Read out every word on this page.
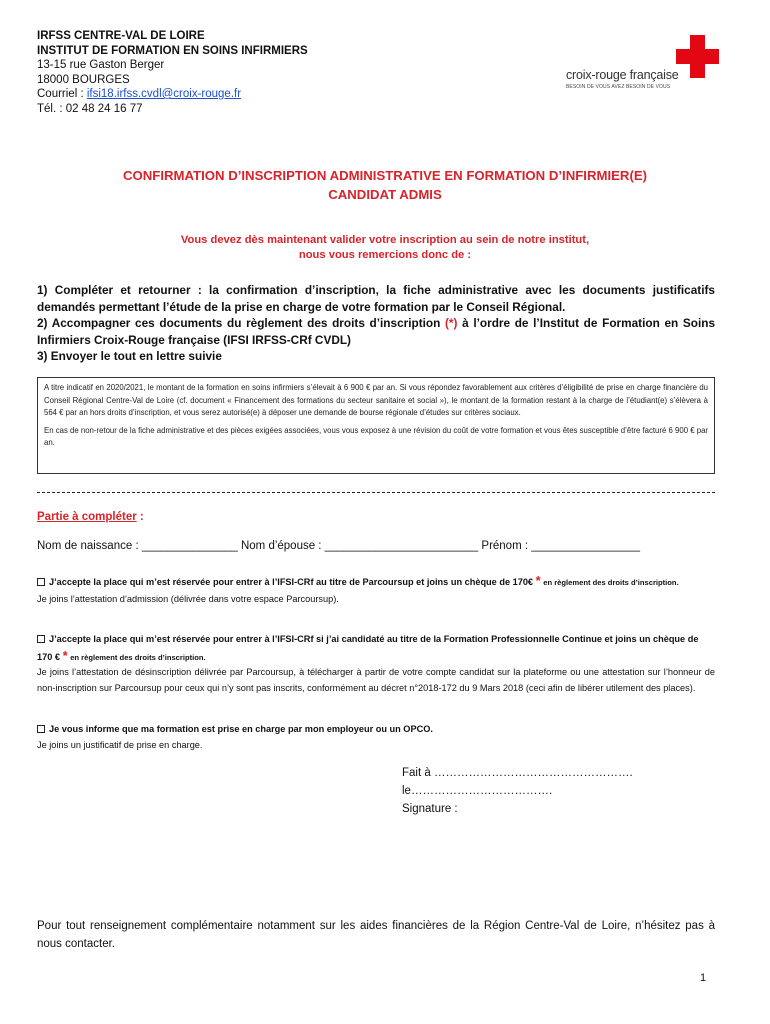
IRFSS CENTRE-VAL DE LOIRE
INSTITUT DE FORMATION EN SOINS INFIRMIERS
13-15 rue Gaston Berger
18000 BOURGES
Courriel : ifsi18.irfss.cvdl@croix-rouge.fr
Tél. : 02 48 24 16 77
croix-rouge française
BESOIN DE VOUS AVEZ BESOIN DE VOUS
CONFIRMATION D’INSCRIPTION ADMINISTRATIVE EN FORMATION D’INFIRMIER(E)
CANDIDAT ADMIS
Vous devez dès maintenant valider votre inscription au sein de notre institut,
nous vous remercions donc de :
1) Compléter et retourner : la confirmation d’inscription, la fiche administrative avec les documents justificatifs demandés permettant l’étude de la prise en charge de votre formation par le Conseil Régional.
2) Accompagner ces documents du règlement des droits d’inscription (*) à l’ordre de l’Institut de Formation en Soins Infirmiers Croix-Rouge française (IFSI IRFSS-CRf CVDL)
3) Envoyer le tout en lettre suivie

A titre indicatif en 2020/2021, le montant de la formation en soins infirmiers s’élevait à 6 900 € par an. Si vous répondez favorablement aux critères d’éligibilité de prise en charge financière du Conseil Régional Centre-Val de Loire (cf. document « Financement des formations du secteur sanitaire et social »), le montant de la formation restant à la charge de l’étudiant(e) s’élèvera à 564 € par an hors droits d’inscription, et vous serez autorisé(e) à déposer une demande de bourse régionale d’études sur critères sociaux.

En cas de non-retour de la fiche administrative et des pièces exigées associées, vous vous exposez à une révision du coût de votre formation et vous êtes susceptible d’être facturé 6 900 € par an.

Partie à compléter :
Nom de naissance : _______________ Nom d’épouse : ________________________ Prénom : _________________
J’accepte la place qui m’est réservée pour entrer à l’IFSI-CRf au titre de Parcoursup et joins un chèque de 170€ * en règlement des droits d’inscription.
Je joins l’attestation d’admission (délivrée dans votre espace Parcoursup).
J’accepte la place qui m’est réservée pour entrer à l’IFSI-CRf si j’ai candidaté au titre de la Formation Professionnelle Continue et joins un chèque de 170 € * en règlement des droits d’inscription.
Je joins l’attestation de désinscription délivrée par Parcoursup, à télécharger à partir de votre compte candidat sur la plateforme ou une attestation sur l’honneur de non-inscription sur Parcoursup pour ceux qui n’y sont pas inscrits, conformément au décret n°2018-172 du 9 Mars 2018 (ceci afin de libérer utilement des places).
Je vous informe que ma formation est prise en charge par mon employeur ou un OPCO.
Je joins un justificatif de prise en charge.
Fait à …………………………………………….
le……………………………….
Signature :
Pour tout renseignement complémentaire notamment sur les aides financières de la Région Centre-Val de Loire, n’hésitez pas à nous contacter.
1
